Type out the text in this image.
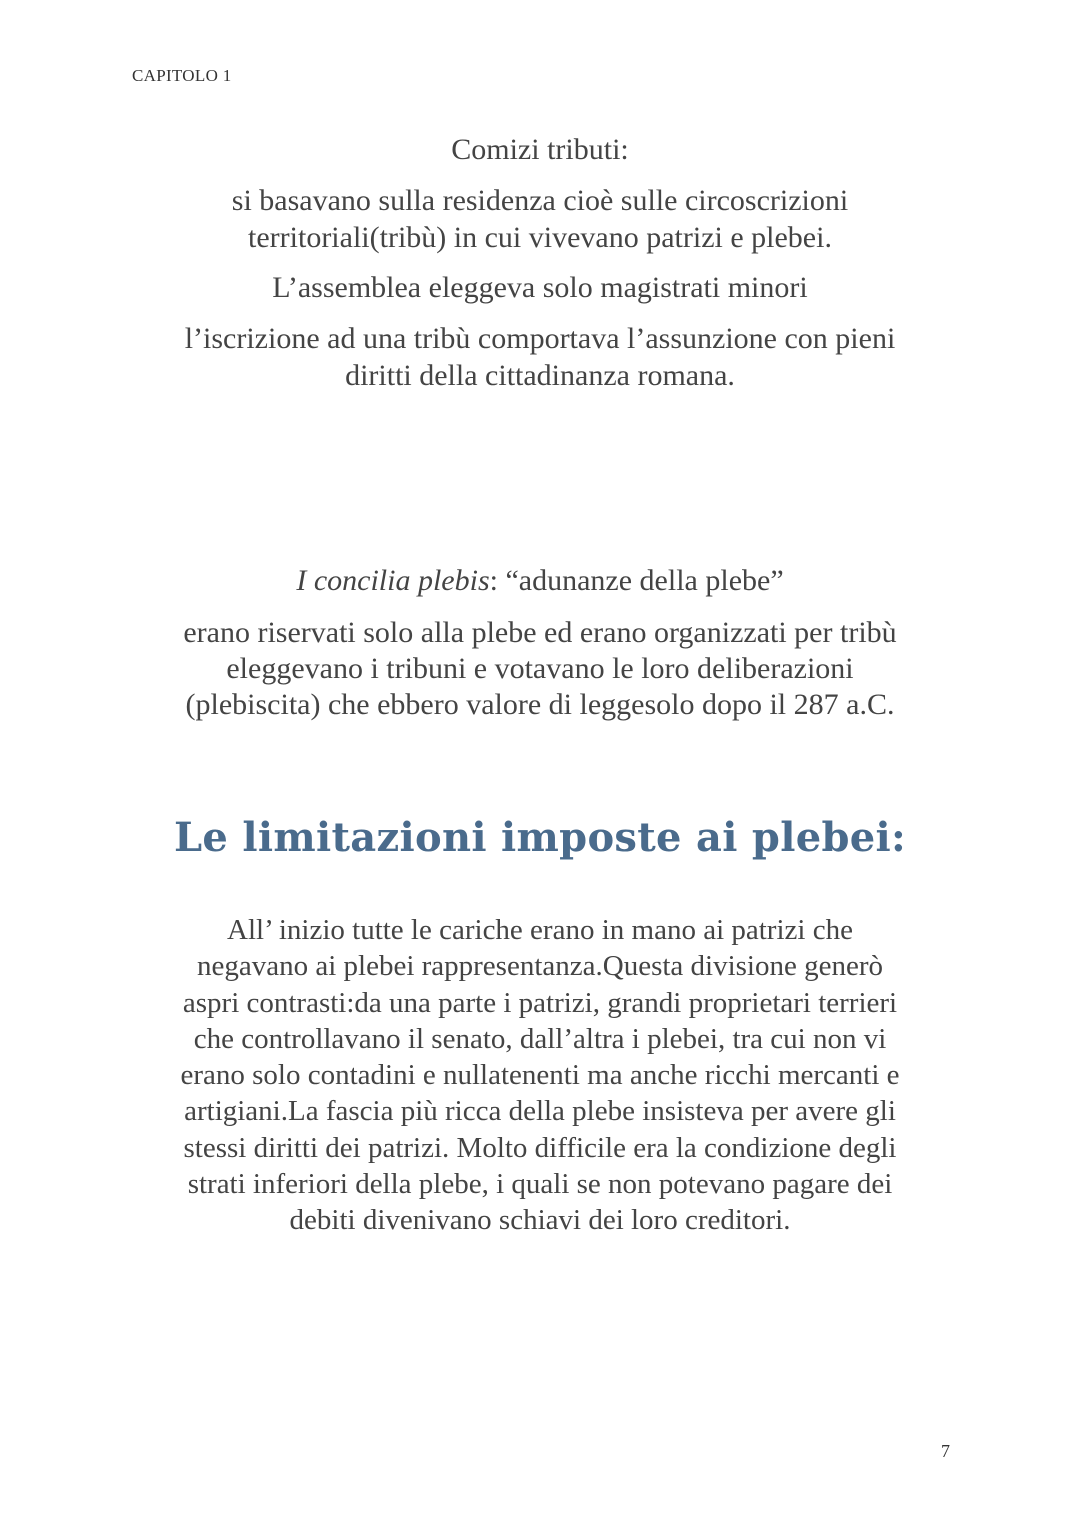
CAPITOLO 1
Comizi tributi:
si basavano sulla residenza cioè sulle circoscrizioni
territoriali(tribù) in cui vivevano patrizi e plebei.
L’assemblea eleggeva solo magistrati minori
l’iscrizione ad una tribù comportava l’assunzione con pieni
diritti della cittadinanza romana.
I concilia plebis: “adunanze della plebe”
erano riservati solo alla plebe ed erano organizzati per tribù
eleggevano i tribuni e votavano le loro deliberazioni
(plebiscita) che ebbero valore di leggesolo dopo il 287 a.C.
Le limitazioni imposte ai plebei:
All’ inizio tutte le cariche erano in mano ai patrizi che
negavano ai plebei rappresentanza.Questa divisione generò
aspri contrasti:da una parte i patrizi, grandi proprietari terrieri
che controllavano il senato, dall’altra i plebei, tra cui non vi
erano solo contadini e nullatenenti ma anche ricchi mercanti e
artigiani.La fascia più ricca della plebe insisteva per avere gli
stessi diritti dei patrizi. Molto difficile era la condizione degli
strati inferiori della plebe, i quali se non potevano pagare dei
debiti divenivano schiavi dei loro creditori.
7
